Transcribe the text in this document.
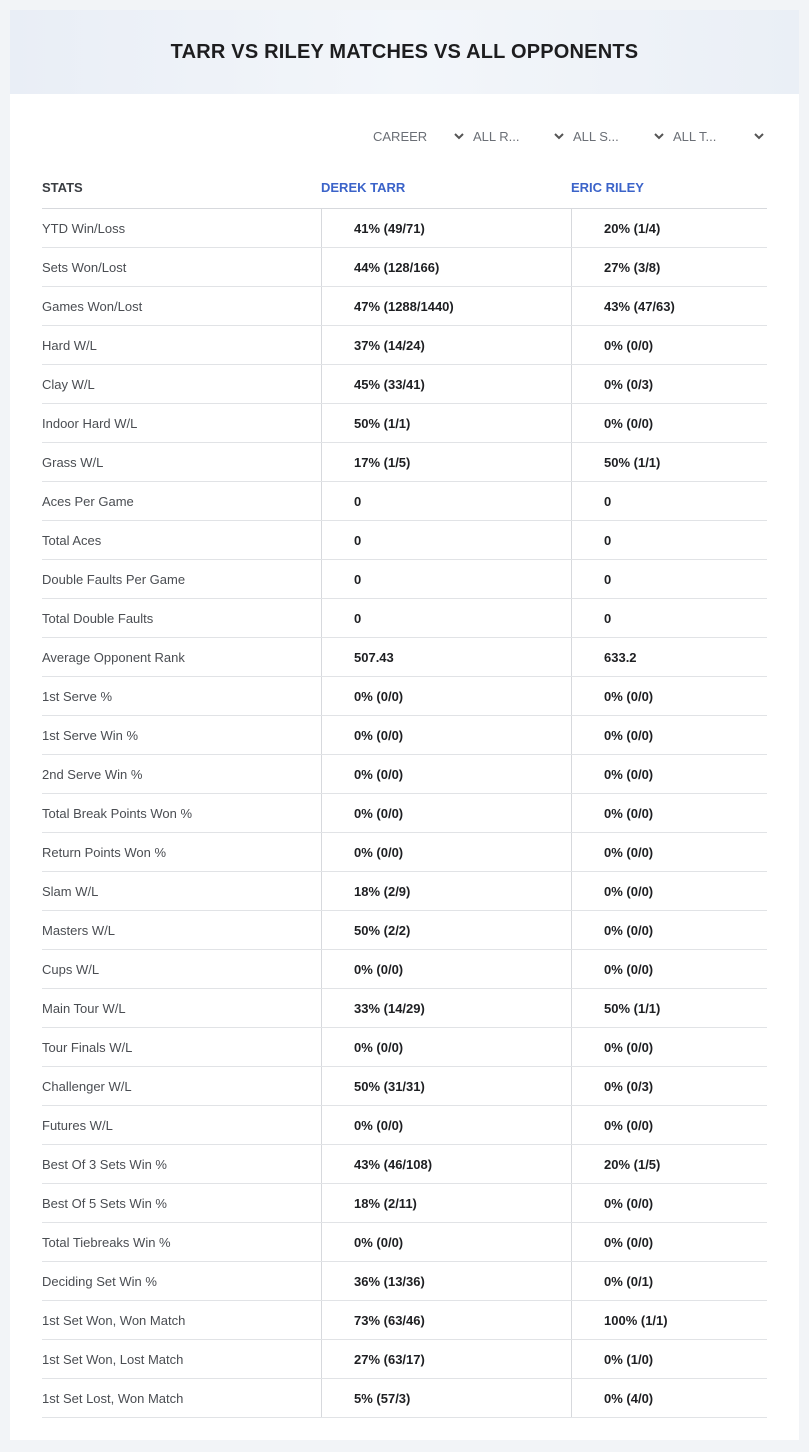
TARR VS RILEY MATCHES VS ALL OPPONENTS
CAREER	ALL R...	ALL S...	ALL T...
STATS	DEREK TARR	ERIC RILEY
YTD Win/Loss	41% (49/71)	20% (1/4)
Sets Won/Lost	44% (128/166)	27% (3/8)
Games Won/Lost	47% (1288/1440)	43% (47/63)
Hard W/L	37% (14/24)	0% (0/0)
Clay W/L	45% (33/41)	0% (0/3)
Indoor Hard W/L	50% (1/1)	0% (0/0)
Grass W/L	17% (1/5)	50% (1/1)
Aces Per Game	0	0
Total Aces	0	0
Double Faults Per Game	0	0
Total Double Faults	0	0
Average Opponent Rank	507.43	633.2
1st Serve %	0% (0/0)	0% (0/0)
1st Serve Win %	0% (0/0)	0% (0/0)
2nd Serve Win %	0% (0/0)	0% (0/0)
Total Break Points Won %	0% (0/0)	0% (0/0)
Return Points Won %	0% (0/0)	0% (0/0)
Slam W/L	18% (2/9)	0% (0/0)
Masters W/L	50% (2/2)	0% (0/0)
Cups W/L	0% (0/0)	0% (0/0)
Main Tour W/L	33% (14/29)	50% (1/1)
Tour Finals W/L	0% (0/0)	0% (0/0)
Challenger W/L	50% (31/31)	0% (0/3)
Futures W/L	0% (0/0)	0% (0/0)
Best Of 3 Sets Win %	43% (46/108)	20% (1/5)
Best Of 5 Sets Win %	18% (2/11)	0% (0/0)
Total Tiebreaks Win %	0% (0/0)	0% (0/0)
Deciding Set Win %	36% (13/36)	0% (0/1)
1st Set Won, Won Match	73% (63/46)	100% (1/1)
1st Set Won, Lost Match	27% (63/17)	0% (1/0)
1st Set Lost, Won Match	5% (57/3)	0% (4/0)
